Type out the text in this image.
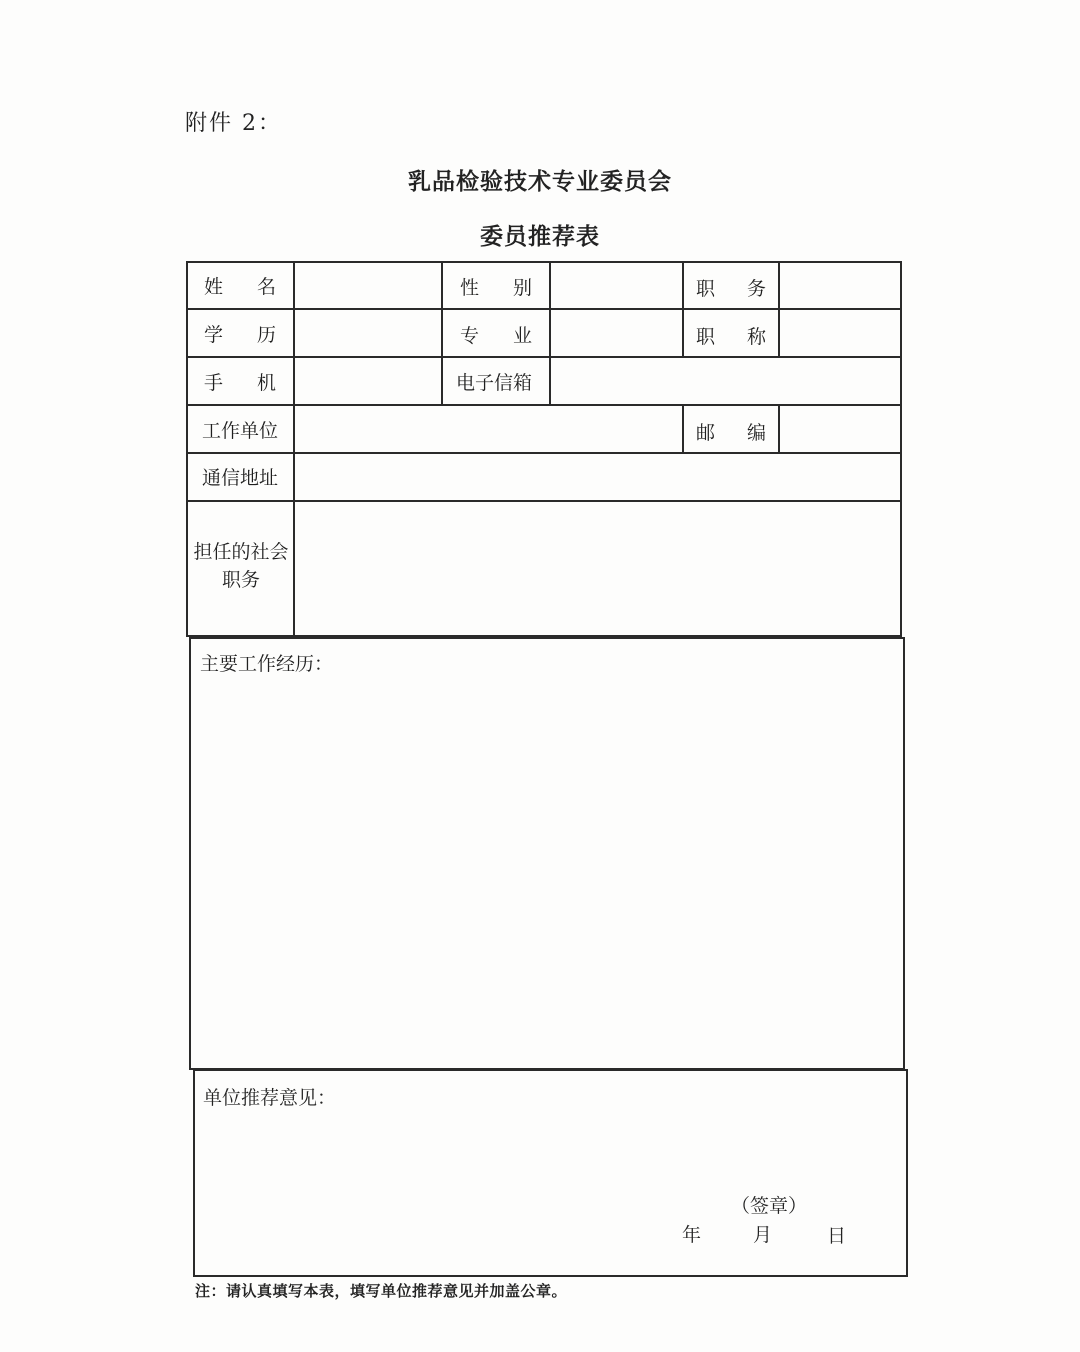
附件 2：
乳品检验技术专业委员会
委员推荐表
姓 名	性 别	职 务
学 历	专 业	职 称
手 机	电子信箱
工作单位	邮 编
通信地址
担任的社会职务
主要工作经历：
单位推荐意见：
（签章）
年	月	日
注：请认真填写本表，填写单位推荐意见并加盖公章。
